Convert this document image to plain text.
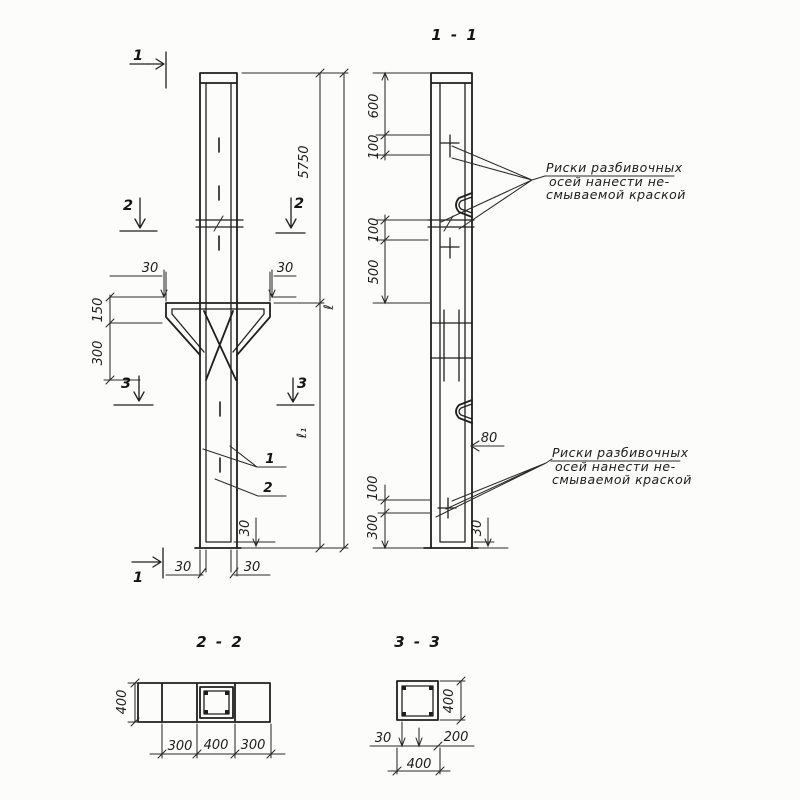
30	30
150
300
5750
ℓ₁
ℓ
30
30	30
1
1
2	2
3	3
1
2
1 - 1
600
100
100
500
100
300
80
30
Риски разбивочных
осей нанести не-
смываемой краской
Риски разбивочных
осей нанести не-
смываемой краской
2 - 2
400
300 400 300
3 - 3
400
30	200
400
